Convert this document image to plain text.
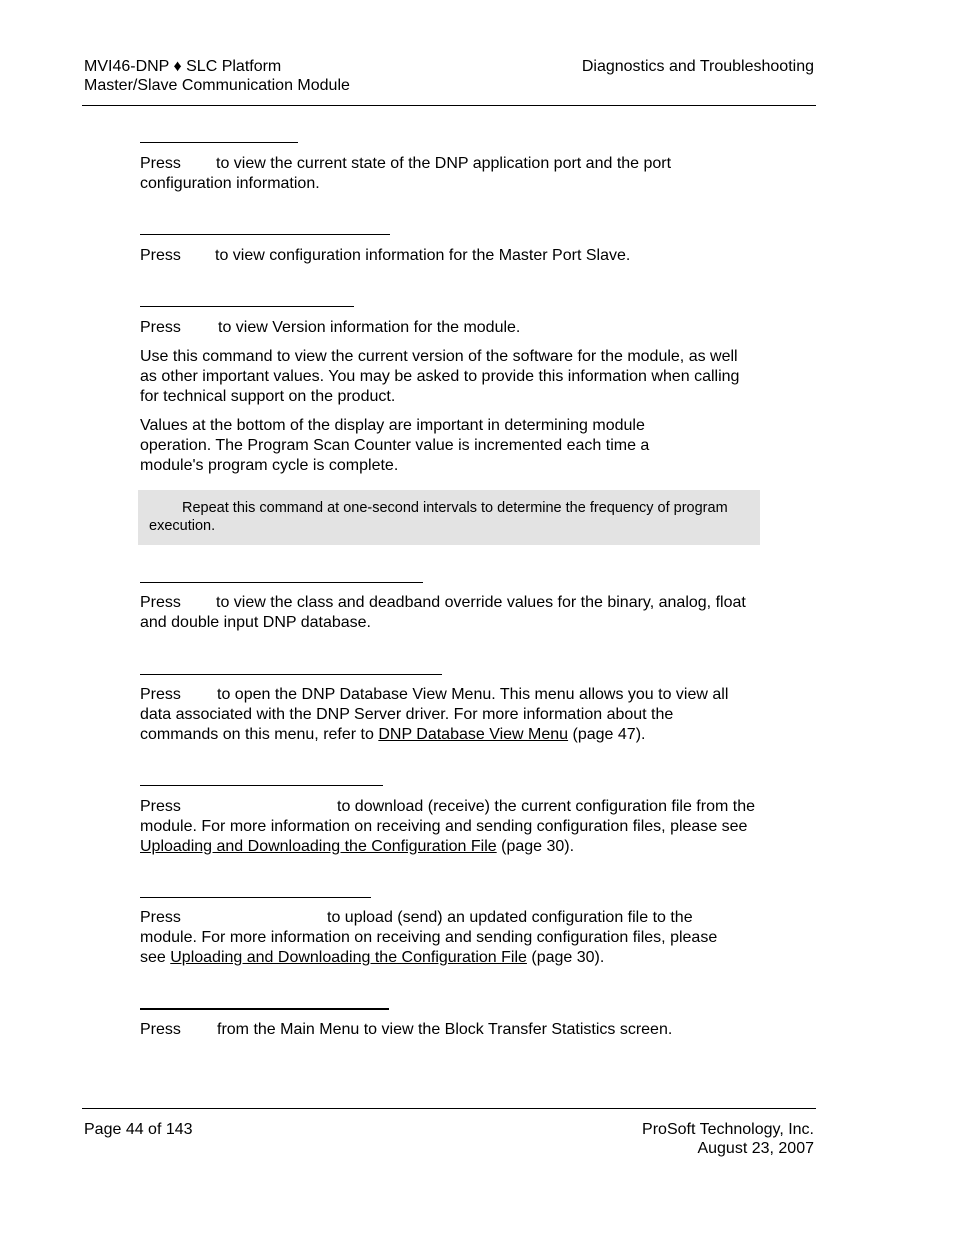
MVI46-DNP ♦ SLC Platform
Master/Slave Communication Module
Diagnostics and Troubleshooting
Press	to view the current state of the DNP application port and the port configuration information.
Press to view configuration information for the Master Port Slave.
Press to view Version information for the module.
Use this command to view the current version of the software for the module, as well as other important values. You may be asked to provide this information when calling for technical support on the product.
Values at the bottom of the display are important in determining module operation. The Program Scan Counter value is incremented each time a module's program cycle is complete.
Repeat this command at one-second intervals to determine the frequency of program execution.
Press	to view the class and deadband override values for the binary, analog, float and double input DNP database.
Press	to open the DNP Database View Menu. This menu allows you to view all data associated with the DNP Server driver. For more information about the commands on this menu, refer to DNP Database View Menu (page 47).
Press	to download (receive) the current configuration file from the module. For more information on receiving and sending configuration files, please see Uploading and Downloading the Configuration File (page 30).
Press	to upload (send) an updated configuration file to the module. For more information on receiving and sending configuration files, please see Uploading and Downloading the Configuration File (page 30).
Press from the Main Menu to view the Block Transfer Statistics screen.
Page 44 of 143	ProSoft Technology, Inc.
August 23, 2007
